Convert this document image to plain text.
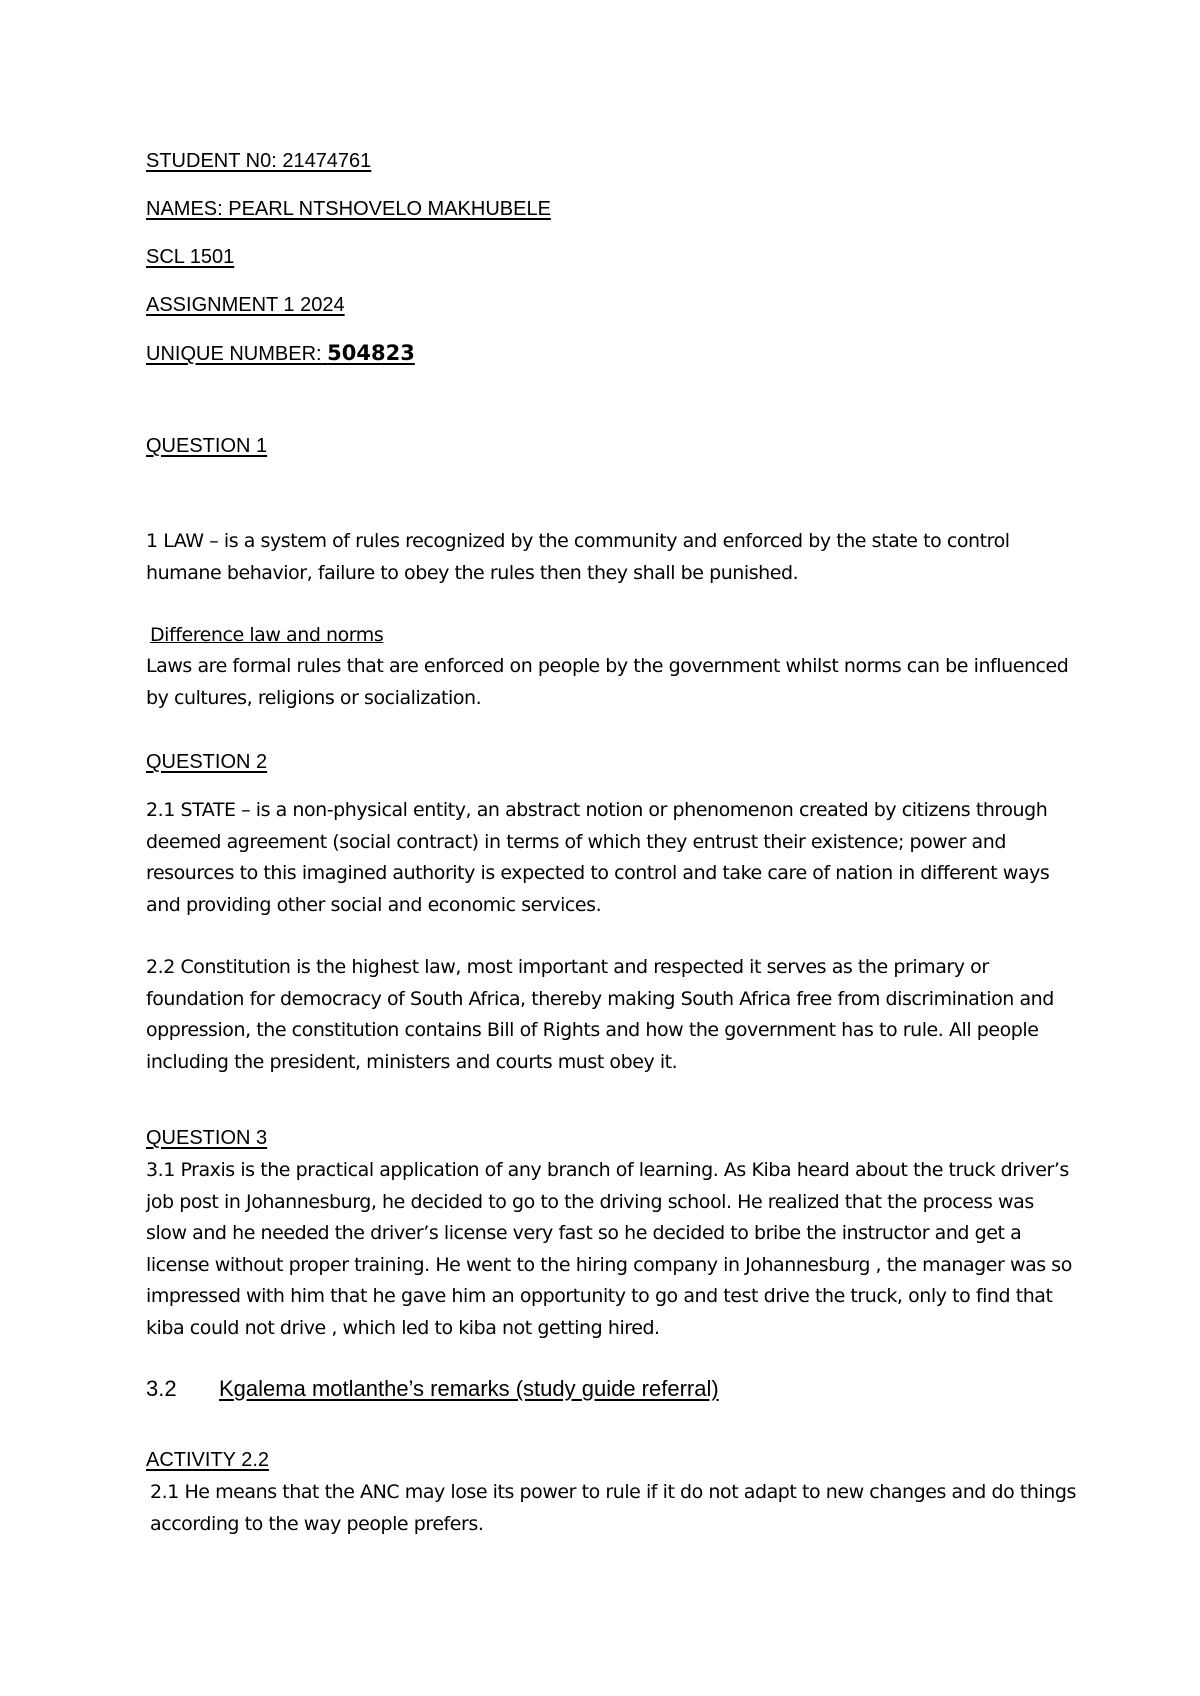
STUDENT N0: 21474761
NAMES: PEARL NTSHOVELO MAKHUBELE
SCL 1501
ASSIGNMENT 1 2024
UNIQUE NUMBER: 504823
QUESTION 1

1 LAW – is a system of rules recognized by the community and enforced by the state to control humane behavior, failure to obey the rules then they shall be punished.

Difference law and norms

Laws are formal rules that are enforced on people by the government whilst norms can be influenced by cultures, religions or socialization.

QUESTION 2

2.1 STATE – is a non-physical entity, an abstract notion or phenomenon created by citizens through deemed agreement (social contract) in terms of which they entrust their existence; power and resources to this imagined authority is expected to control and take care of nation in different ways and providing other social and economic services.

2.2 Constitution is the highest law, most important and respected it serves as the primary or foundation for democracy of South Africa, thereby making South Africa free from discrimination and oppression, the constitution contains Bill of Rights and how the government has to rule. All people including the president, ministers and courts must obey it.

QUESTION 3

3.1 Praxis is the practical application of any branch of learning. As Kiba heard about the truck driver’s job post in Johannesburg, he decided to go to the driving school. He realized that the process was slow and he needed the driver’s license very fast so he decided to bribe the instructor and get a license without proper training. He went to the hiring company in Johannesburg , the manager was so impressed with him that he gave him an opportunity to go and test drive the truck, only to find that kiba could not drive , which led to kiba not getting hired.

3.2 Kgalema motlanthe’s remarks (study guide referral)
ACTIVITY 2.2

2.1 He means that the ANC may lose its power to rule if it do not adapt to new changes and do things according to the way people prefers.
